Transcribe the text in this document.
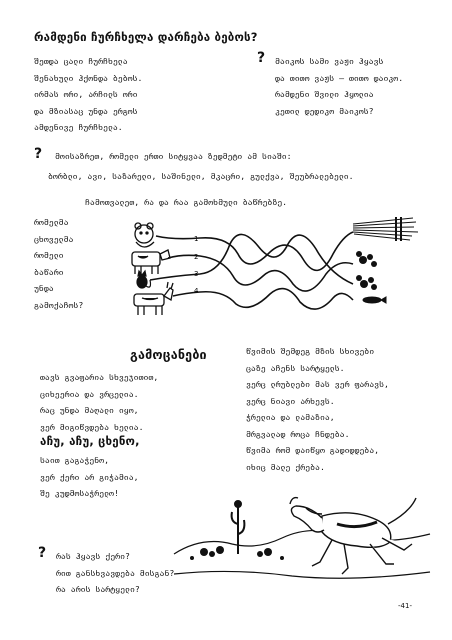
რამდენი ჩურჩხელა დარჩება ბებოს?
შეთდა ცალი ჩურჩხელა
შენახული ჰქონდა ბებოს.
ირმას ორი, არჩილს ორი
და მზიასაც უნდა ერგოს
ამდენივე ჩურჩხელა.
? მაიკოს სამი ვაჟი ჰყავს
და თითო ვაჟს – თითო დაიკო.
რამდენი შვილი ჰყოლია
კეთილ დედიკო მაიკოს?
? მოისაზრეთ, რომელი ერთი სიტყვაა ზედმეტი ამ სიაში:
ბორბლი, ავი, საზარელი, საშინელი, მკაცრი, გულქვა, შეუბრალებელი.
ჩამოთვალეთ, რა და რაა გამოხმული ბაწრებზე.
რომელმა
ცხოველმა
რომელი
ბაწარი
უნდა
გამოქაჩოს?
1
2
3
4
გამოცანები
თავს გვაფარია სხვეჯითით,
ციხეერია და ვრცელია.
რაც უნდა მაღალი იყო,
ვერ მიგიწვდება ხელია.
აჩუ, აჩუ, ცხენო,
საით გაგაჭენო,
ვერ ქერი არ გიჭამია,
შე კუდმოსაჭრელო!
? რას ჰყავს ქერი?
რით განსხვავდება მისგან?
რა არის სარტყელი?
წვიმის შემდეგ მზის სხივები
ცაზე აჩენს სარტყელს.
ვერც ლრუბლები მას ვერ ფარავს,
ვერც ნიავი არხევს.
ჭრელია და ლამაზია,
მრგვალად როცა ჩნდება.
წვიმა რომ დაიწყო გადიდდება,
იხიც მალე ქრება.
-41-
